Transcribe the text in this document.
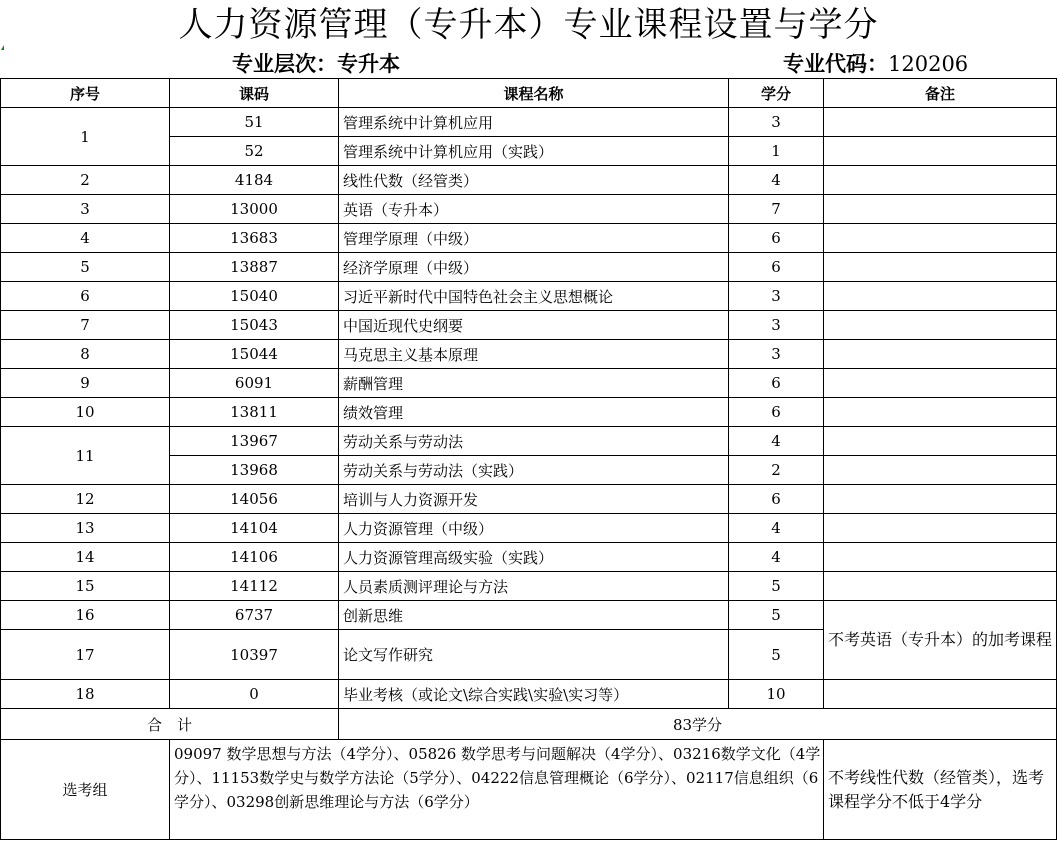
人力资源管理（专升本）专业课程设置与学分
专业层次：专升本	专业代码：120206
序号	课码	课程名称	学分	备注
1	51	管理系统中计算机应用	3	
	52	管理系统中计算机应用（实践）	1	
2	4184	线性代数（经管类）	4	
3	13000	英语（专升本）	7	
4	13683	管理学原理（中级）	6	
5	13887	经济学原理（中级）	6	
6	15040	习近平新时代中国特色社会主义思想概论	3	
7	15043	中国近现代史纲要	3	
8	15044	马克思主义基本原理	3	
9	6091	薪酬管理	6	
10	13811	绩效管理	6	
11	13967	劳动关系与劳动法	4	
	13968	劳动关系与劳动法（实践）	2	
12	14056	培训与人力资源开发	6	
13	14104	人力资源管理（中级）	4	
14	14106	人力资源管理高级实验（实践）	4	
15	14112	人员素质测评理论与方法	5	
16	6737	创新思维	5	不考英语（专升本）的加考课程
17	10397	论文写作研究	5	
18	0	毕业考核（或论文\综合实践\实验\实习等）	10	
合　计		83学分		
选考组	09097 数学思想与方法（4学分）、05826 数学思考与问题解决（4学分）、03216数学文化（4学分）、11153数学史与数学方法论（5学分）、04222信息管理概论（6学分）、02117信息组织（6学分）、03298创新思维理论与方法（6学分）			不考线性代数（经管类），选考课程学分不低于4学分
